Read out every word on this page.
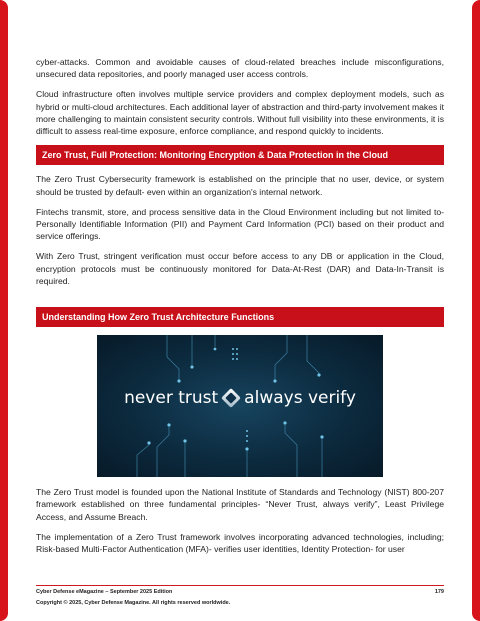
cyber-attacks. Common and avoidable causes of cloud-related breaches include misconfigurations, unsecured data repositories, and poorly managed user access controls.

Cloud infrastructure often involves multiple service providers and complex deployment models, such as hybrid or multi-cloud architectures. Each additional layer of abstraction and third-party involvement makes it more challenging to maintain consistent security controls. Without full visibility into these environments, it is difficult to assess real-time exposure, enforce compliance, and respond quickly to incidents.

Zero Trust, Full Protection: Monitoring Encryption & Data Protection in the Cloud

The Zero Trust Cybersecurity framework is established on the principle that no user, device, or system should be trusted by default- even within an organization's internal network.

Fintechs transmit, store, and process sensitive data in the Cloud Environment including but not limited to- Personally Identifiable Information (PII) and Payment Card Information (PCI) based on their product and service offerings.

With Zero Trust, stringent verification must occur before access to any DB or application in the Cloud, encryption protocols must be continuously monitored for Data-At-Rest (DAR) and Data-In-Transit is required.

Understanding How Zero Trust Architecture Functions
never trust always verify

The Zero Trust model is founded upon the National Institute of Standards and Technology (NIST) 800-207 framework established on three fundamental principles- “Never Trust, always verify”, Least Privilege Access, and Assume Breach.

The implementation of a Zero Trust framework involves incorporating advanced technologies, including; Risk-based Multi-Factor Authentication (MFA)- verifies user identities, Identity Protection- for user

Cyber Defense eMagazine – September 2025 Edition	179
Copyright © 2025, Cyber Defense Magazine. All rights reserved worldwide.
